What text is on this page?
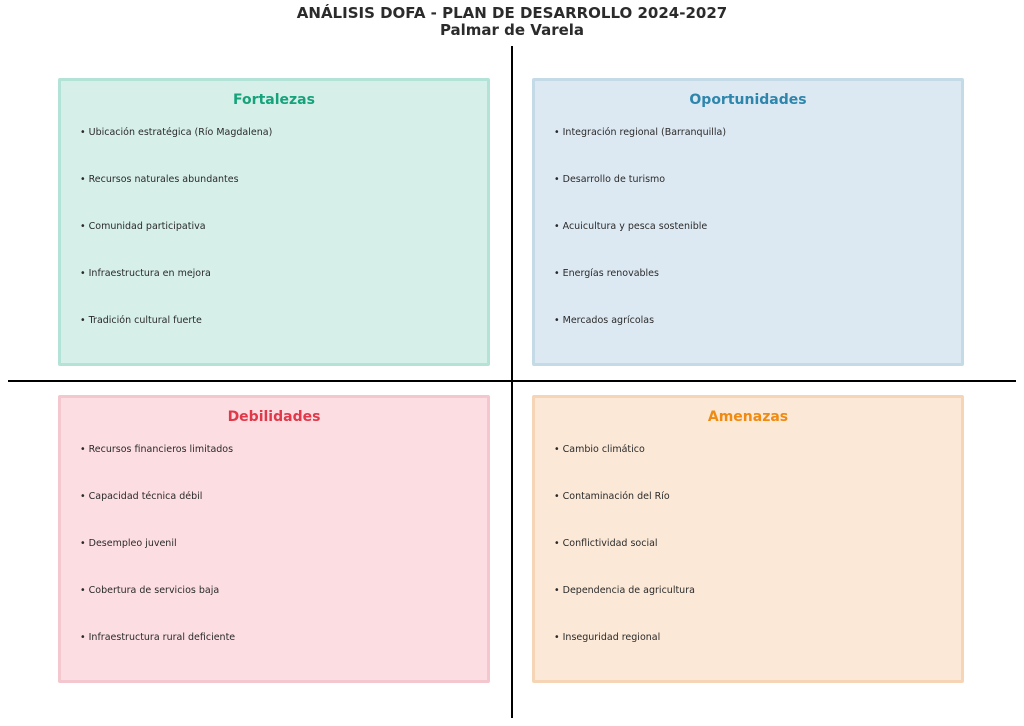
ANÁLISIS DOFA - PLAN DE DESARROLLO 2024-2027
Palmar de Varela
Fortalezas
• Ubicación estratégica (Río Magdalena)
• Recursos naturales abundantes
• Comunidad participativa
• Infraestructura en mejora
• Tradición cultural fuerte
Oportunidades
• Integración regional (Barranquilla)
• Desarrollo de turismo
• Acuicultura y pesca sostenible
• Energías renovables
• Mercados agrícolas
Debilidades
• Recursos financieros limitados
• Capacidad técnica débil
• Desempleo juvenil
• Cobertura de servicios baja
• Infraestructura rural deficiente
Amenazas
• Cambio climático
• Contaminación del Río
• Conflictividad social
• Dependencia de agricultura
• Inseguridad regional
